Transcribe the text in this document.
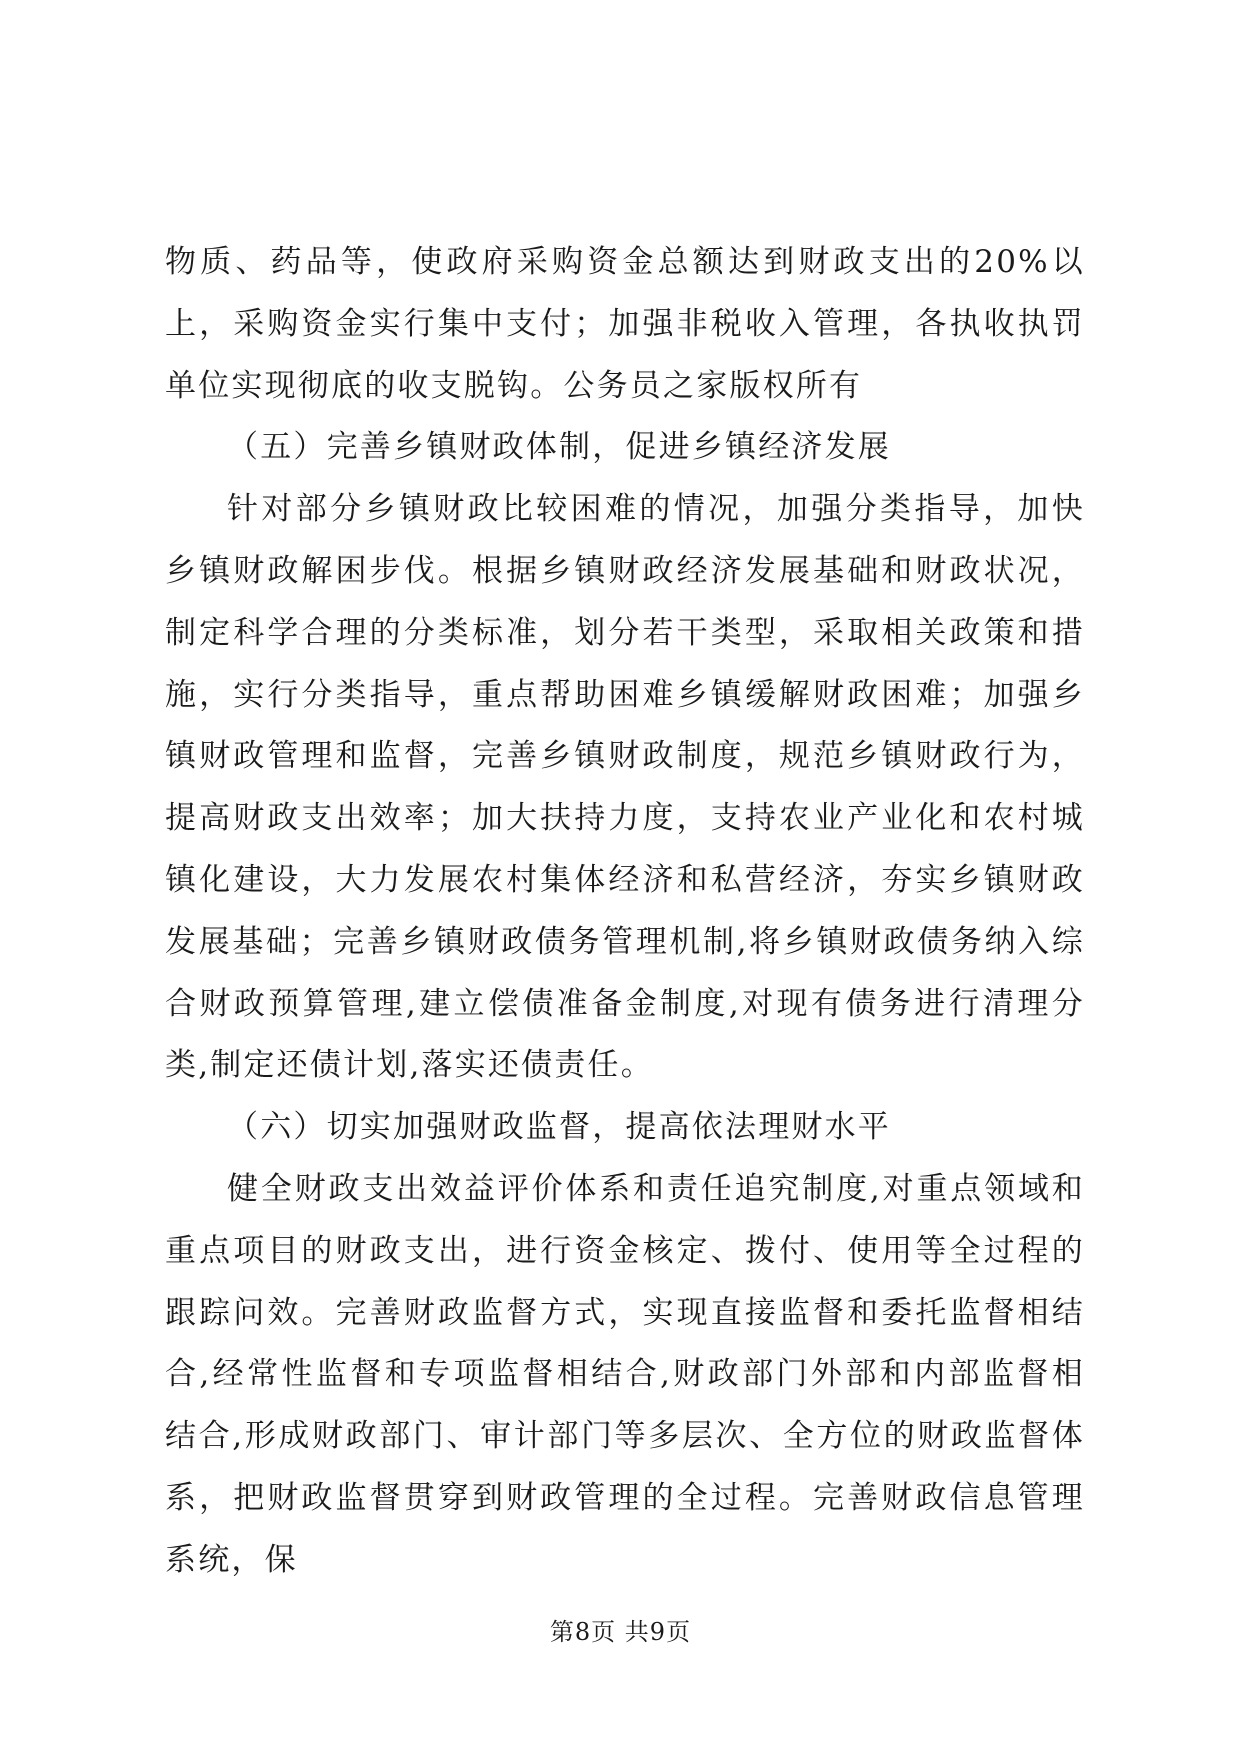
物质、药品等，使政府采购资金总额达到财政支出的20%以上，采购资金实行集中支付；加强非税收入管理，各执收执罚单位实现彻底的收支脱钩。公务员之家版权所有

（五）完善乡镇财政体制，促进乡镇经济发展

针对部分乡镇财政比较困难的情况，加强分类指导，加快乡镇财政解困步伐。根据乡镇财政经济发展基础和财政状况，制定科学合理的分类标准，划分若干类型，采取相关政策和措施，实行分类指导，重点帮助困难乡镇缓解财政困难；加强乡镇财政管理和监督，完善乡镇财政制度，规范乡镇财政行为，提高财政支出效率；加大扶持力度，支持农业产业化和农村城镇化建设，大力发展农村集体经济和私营经济，夯实乡镇财政发展基础；完善乡镇财政债务管理机制,将乡镇财政债务纳入综合财政预算管理,建立偿债准备金制度,对现有债务进行清理分类,制定还债计划,落实还债责任。

（六）切实加强财政监督，提高依法理财水平

健全财政支出效益评价体系和责任追究制度,对重点领域和重点项目的财政支出，进行资金核定、拨付、使用等全过程的跟踪问效。完善财政监督方式，实现直接监督和委托监督相结合,经常性监督和专项监督相结合,财政部门外部和内部监督相结合,形成财政部门、审计部门等多层次、全方位的财政监督体系，把财政监督贯穿到财政管理的全过程。完善财政信息管理系统，保

第8页 共9页
